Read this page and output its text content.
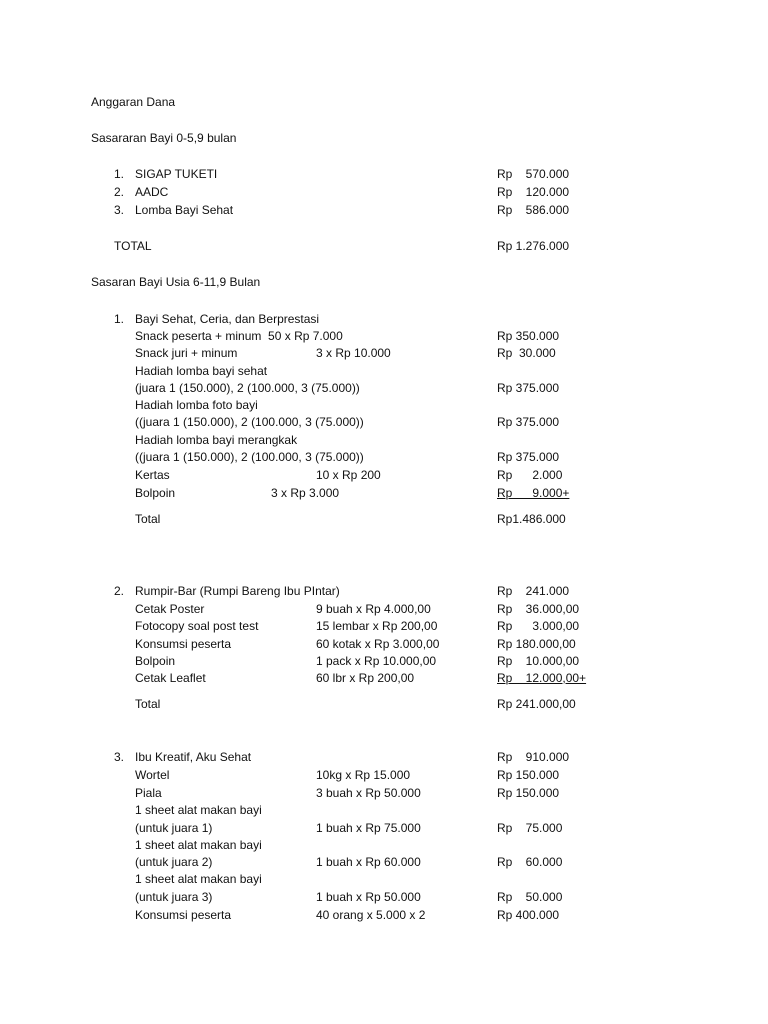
Anggaran Dana
Sasararan Bayi 0-5,9 bulan
1. SIGAP TUKETI	Rp    570.000
2. AADC	Rp    120.000
3. Lomba Bayi Sehat	Rp    586.000
TOTAL	Rp 1.276.000
Sasaran Bayi Usia 6-11,9 Bulan
1. Bayi Sehat, Ceria, dan Berprestasi
Snack peserta + minum  50 x Rp 7.000	Rp 350.000
Snack juri + minum	3 x Rp 10.000	Rp  30.000
Hadiah lomba bayi sehat
(juara 1 (150.000), 2 (100.000, 3 (75.000))	Rp 375.000
Hadiah lomba foto bayi
((juara 1 (150.000), 2 (100.000, 3 (75.000))	Rp 375.000
Hadiah lomba bayi merangkak
((juara 1 (150.000), 2 (100.000, 3 (75.000))	Rp 375.000
Kertas	10 x Rp 200	Rp      2.000
Bolpoin	3 x Rp 3.000	Rp      9.000+
Total	Rp1.486.000
2. Rumpir-Bar (Rumpi Bareng Ibu PIntar)	Rp    241.000
Cetak Poster	9 buah x Rp 4.000,00	Rp    36.000,00
Fotocopy soal post test	15 lembar x Rp 200,00	Rp      3.000,00
Konsumsi peserta	60 kotak x Rp 3.000,00	Rp 180.000,00
Bolpoin	1 pack x Rp 10.000,00	Rp    10.000,00
Cetak Leaflet	60 lbr x Rp 200,00	Rp    12.000,00+
Total	Rp 241.000,00
3. Ibu Kreatif, Aku Sehat	Rp    910.000
Wortel	10kg x Rp 15.000	Rp 150.000
Piala	3 buah x Rp 50.000	Rp 150.000
1 sheet alat makan bayi
(untuk juara 1)	1 buah x Rp 75.000	Rp    75.000
1 sheet alat makan bayi
(untuk juara 2)	1 buah x Rp 60.000	Rp    60.000
1 sheet alat makan bayi
(untuk juara 3)	1 buah x Rp 50.000	Rp    50.000
Konsumsi peserta	40 orang x 5.000 x 2	Rp 400.000
